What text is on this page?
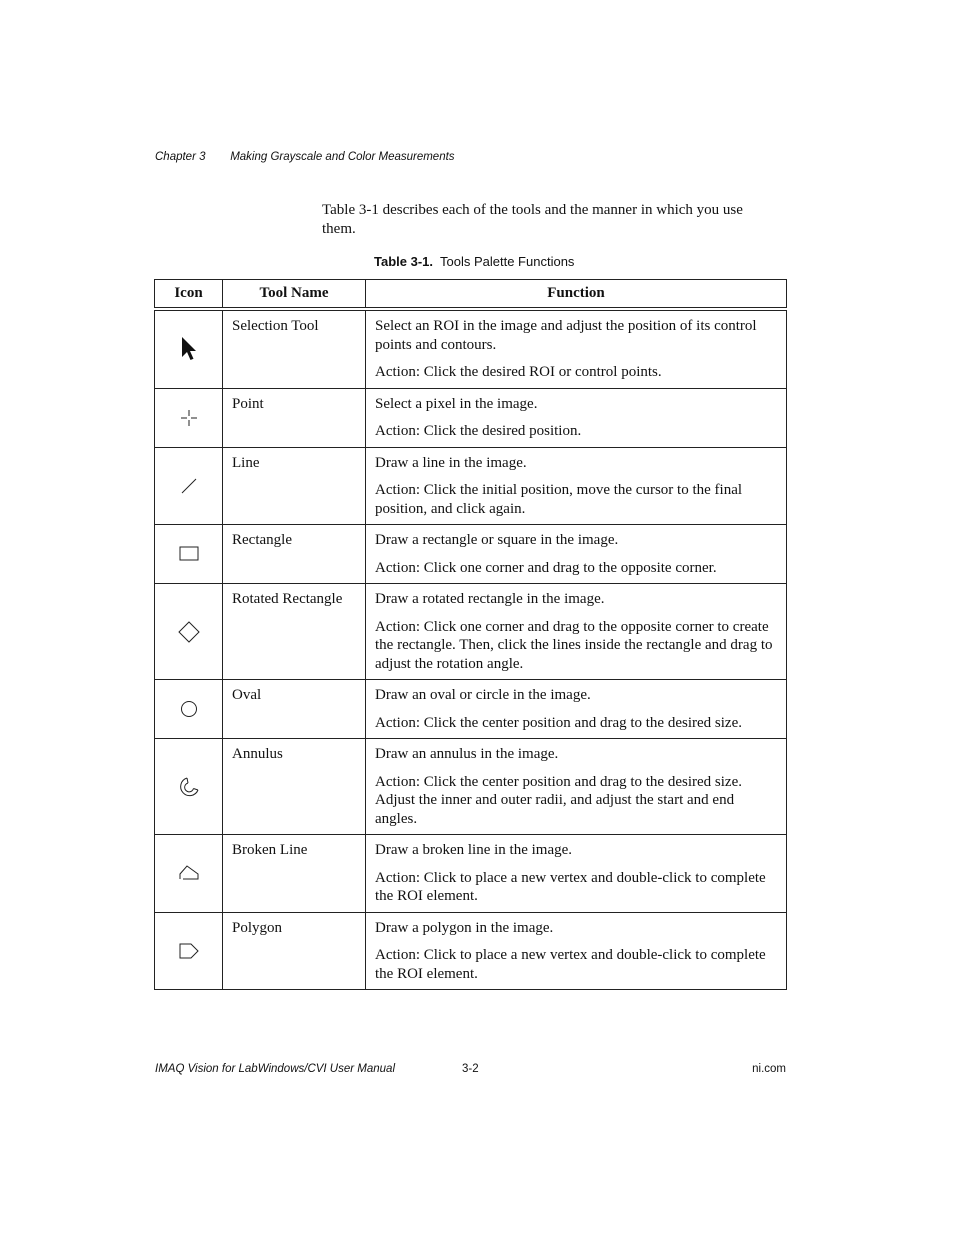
Chapter 3 Making Grayscale and Color Measurements
Table 3-1 describes each of the tools and the manner in which you use them.
Table 3-1. Tools Palette Functions
Icon	Tool Name	Function
	Selection Tool	Select an ROI in the image and adjust the position of its control points and contours.
Action: Click the desired ROI or control points.

	Point	Select a pixel in the image.
Action: Click the desired position.

	Line	Draw a line in the image.
Action: Click the initial position, move the cursor to the final position, and click again.

	Rectangle	Draw a rectangle or square in the image.
Action: Click one corner and drag to the opposite corner.

	Rotated Rectangle	Draw a rotated rectangle in the image.
Action: Click one corner and drag to the opposite corner to create the rectangle. Then, click the lines inside the rectangle and drag to adjust the rotation angle.

	Oval	Draw an oval or circle in the image.
Action: Click the center position and drag to the desired size.

	Annulus	Draw an annulus in the image.
Action: Click the center position and drag to the desired size. Adjust the inner and outer radii, and adjust the start and end angles.

	Broken Line	Draw a broken line in the image.
Action: Click to place a new vertex and double-click to complete the ROI element.

	Polygon	Draw a polygon in the image.
Action: Click to place a new vertex and double-click to complete the ROI element.
IMAQ Vision for LabWindows/CVI User Manual	3-2	ni.com
